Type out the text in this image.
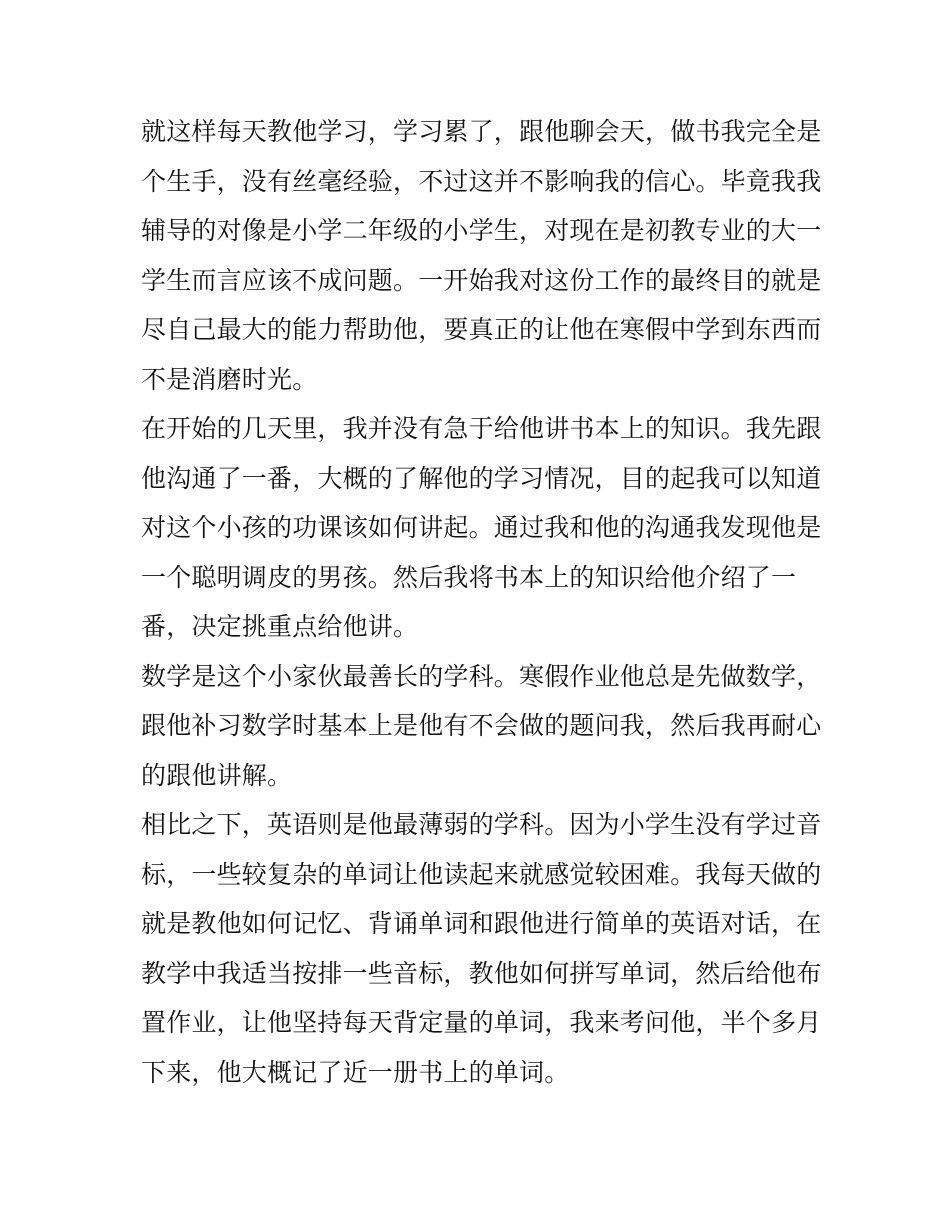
就这样每天教他学习，学习累了，跟他聊会天，做书我完全是
个生手，没有丝毫经验，不过这并不影响我的信心。毕竟我我
辅导的对像是小学二年级的小学生，对现在是初教专业的大一
学生而言应该不成问题。一开始我对这份工作的最终目的就是
尽自己最大的能力帮助他，要真正的让他在寒假中学到东西而
不是消磨时光。
在开始的几天里，我并没有急于给他讲书本上的知识。我先跟
他沟通了一番，大概的了解他的学习情况，目的起我可以知道
对这个小孩的功课该如何讲起。通过我和他的沟通我发现他是
一个聪明调皮的男孩。然后我将书本上的知识给他介绍了一
番，决定挑重点给他讲。
数学是这个小家伙最善长的学科。寒假作业他总是先做数学，
跟他补习数学时基本上是他有不会做的题问我，然后我再耐心
的跟他讲解。
相比之下，英语则是他最薄弱的学科。因为小学生没有学过音
标，一些较复杂的单词让他读起来就感觉较困难。我每天做的
就是教他如何记忆、背诵单词和跟他进行简单的英语对话，在
教学中我适当按排一些音标，教他如何拼写单词，然后给他布
置作业，让他坚持每天背定量的单词，我来考问他，半个多月
下来，他大概记了近一册书上的单词。
